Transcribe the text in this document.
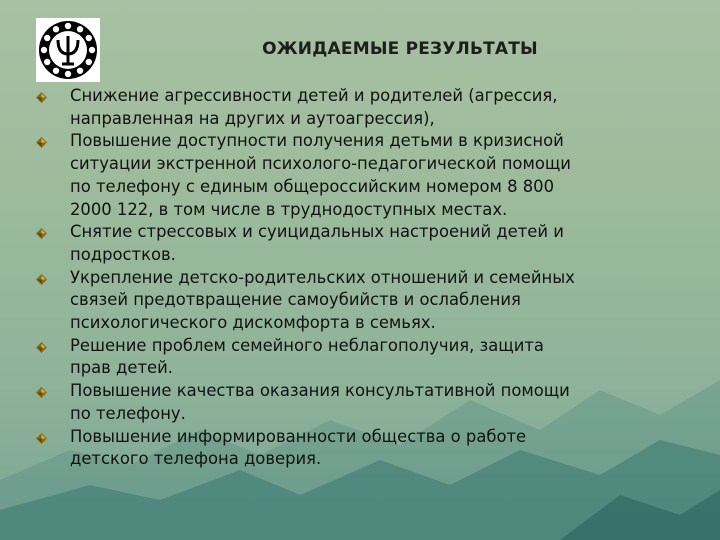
ОЖИДАЕМЫЕ РЕЗУЛЬТАТЫ
Снижение агрессивности детей и родителей (агрессия,
направленная на других и аутоагрессия),
Повышение доступности получения детьми в кризисной
ситуации экстренной психолого-педагогической помощи
по телефону с единым общероссийским номером 8 800
2000 122, в том числе в труднодоступных местах.
Снятие стрессовых и суицидальных настроений детей и
подростков.
Укрепление детско-родительских отношений и семейных
связей предотвращение самоубийств и ослабления
психологического дискомфорта в семьях.
Решение проблем семейного неблагополучия, защита
прав детей.
Повышение качества оказания консультативной помощи
по телефону.
Повышение информированности общества о работе
детского телефона доверия.
